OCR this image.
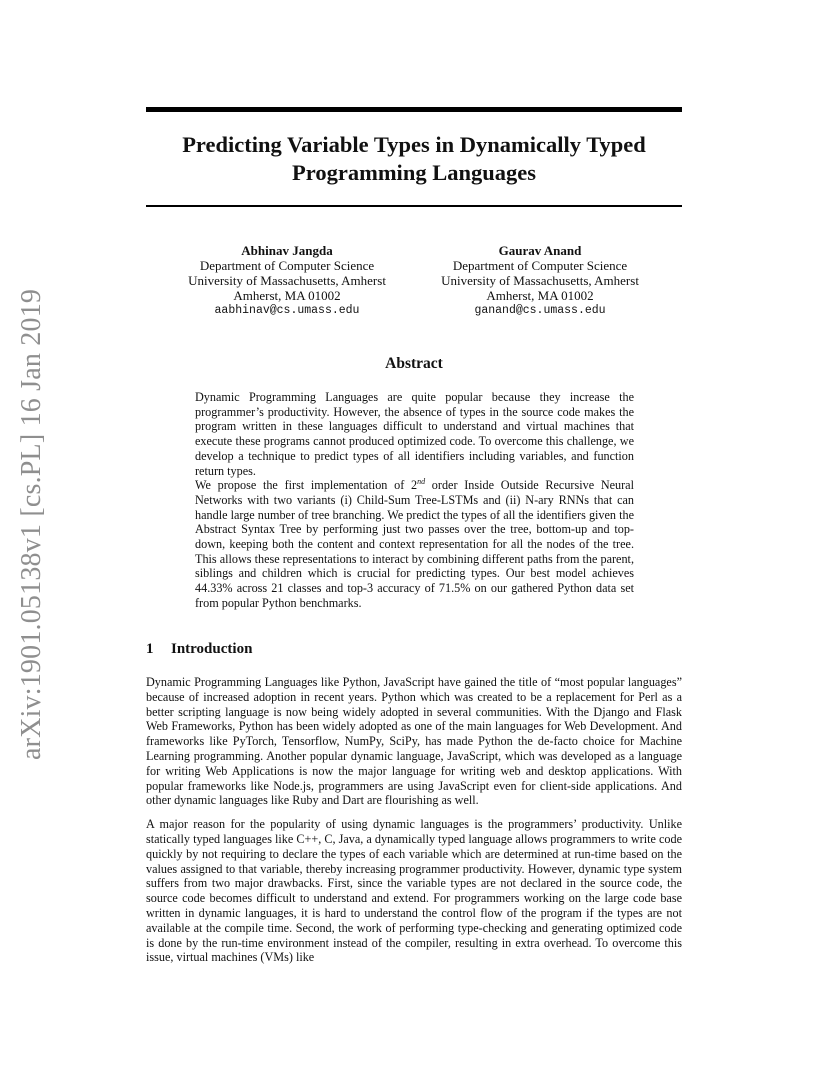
Predicting Variable Types in Dynamically Typed
Programming Languages
Abhinav Jangda
Department of Computer Science
University of Massachusetts, Amherst
Amherst, MA 01002
aabhinav@cs.umass.edu
Gaurav Anand
Department of Computer Science
University of Massachusetts, Amherst
Amherst, MA 01002
ganand@cs.umass.edu
arXiv:1901.05138v1 [cs.PL] 16 Jan 2019	Abstract

Dynamic Programming Languages are quite popular because they increase the programmer’s productivity. However, the absence of types in the source code makes the program written in these languages difficult to understand and virtual machines that execute these programs cannot produced optimized code. To overcome this challenge, we develop a technique to predict types of all identifiers including variables, and function return types.

We propose the first implementation of 2nd order Inside Outside Recursive Neural Networks with two variants (i) Child-Sum Tree-LSTMs and (ii) N-ary RNNs that can handle large number of tree branching. We predict the types of all the identifiers given the Abstract Syntax Tree by performing just two passes over the tree, bottom-up and top-down, keeping both the content and context representation for all the nodes of the tree. This allows these representations to interact by combining different paths from the parent, siblings and children which is crucial for predicting types. Our best model achieves 44.33% across 21 classes and top-3 accuracy of 71.5% on our gathered Python data set from popular Python benchmarks.

1 Introduction

Dynamic Programming Languages like Python, JavaScript have gained the title of “most popular languages” because of increased adoption in recent years. Python which was created to be a replacement for Perl as a better scripting language is now being widely adopted in several communities. With the Django and Flask Web Frameworks, Python has been widely adopted as one of the main languages for Web Development. And frameworks like PyTorch, Tensorflow, NumPy, SciPy, has made Python the de-facto choice for Machine Learning programming. Another popular dynamic language, JavaScript, which was developed as a language for writing Web Applications is now the major language for writing web and desktop applications. With popular frameworks like Node.js, programmers are using JavaScript even for client-side applications. And other dynamic languages like Ruby and Dart are flourishing as well.

A major reason for the popularity of using dynamic languages is the programmers’ productivity. Unlike statically typed languages like C++, C, Java, a dynamically typed language allows programmers to write code quickly by not requiring to declare the types of each variable which are determined at run-time based on the values assigned to that variable, thereby increasing programmer productivity. However, dynamic type system suffers from two major drawbacks. First, since the variable types are not declared in the source code, the source code becomes difficult to understand and extend. For programmers working on the large code base written in dynamic languages, it is hard to understand the control flow of the program if the types are not available at the compile time. Second, the work of performing type-checking and generating optimized code is done by the run-time environment instead of the compiler, resulting in extra overhead. To overcome this issue, virtual machines (VMs) like
